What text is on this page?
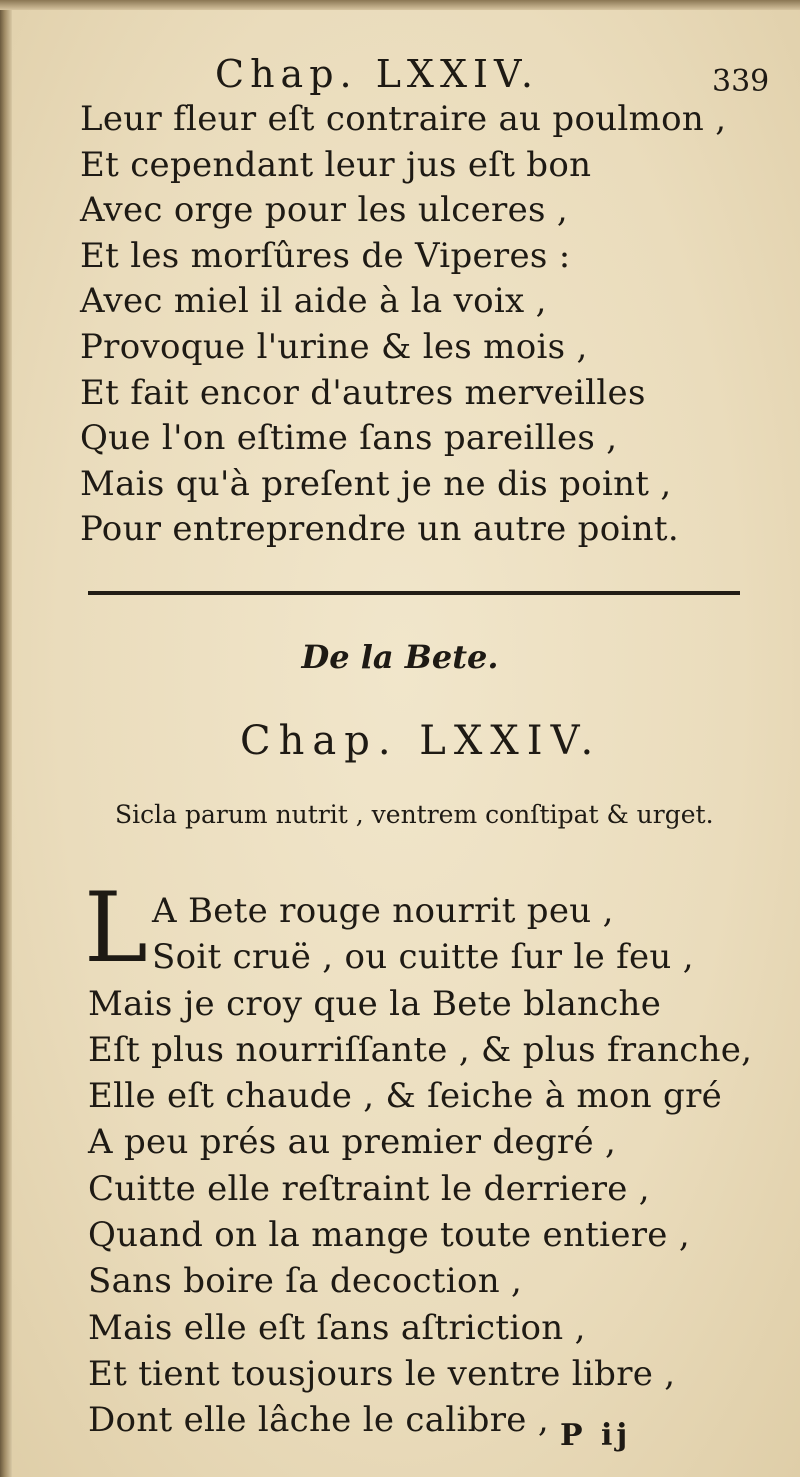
Chap. LXXIV.	339
Leur fleur eſt contraire au poulmon ,
Et cependant leur jus eſt bon
Avec orge pour les ulceres ,
Et les morſûres de Viperes :
Avec miel il aide à la voix ,
Provoque l'urine & les mois ,
Et fait encor d'autres merveilles
Que l'on eſtime ſans pareilles ,
Mais qu'à preſent je ne dis point ,
Pour entreprendre un autre point.
De la Bete.
Chap. LXXIV.
Sicla parum nutrit , ventrem conſtipat & urget.
L A Bete rouge nourrit peu ,
Soit cruë , ou cuitte ſur le feu ,
Mais je croy que la Bete blanche
Eſt plus nourriſſante , & plus franche,
Elle eſt chaude , & ſeiche à mon gré
A peu prés au premier degré ,
Cuitte elle reſtraint le derriere ,
Quand on la mange toute entiere ,
Sans boire ſa decoction ,
Mais elle eſt ſans aſtriction ,
Et tient tousjours le ventre libre ,
Dont elle lâche le calibre , P ij
